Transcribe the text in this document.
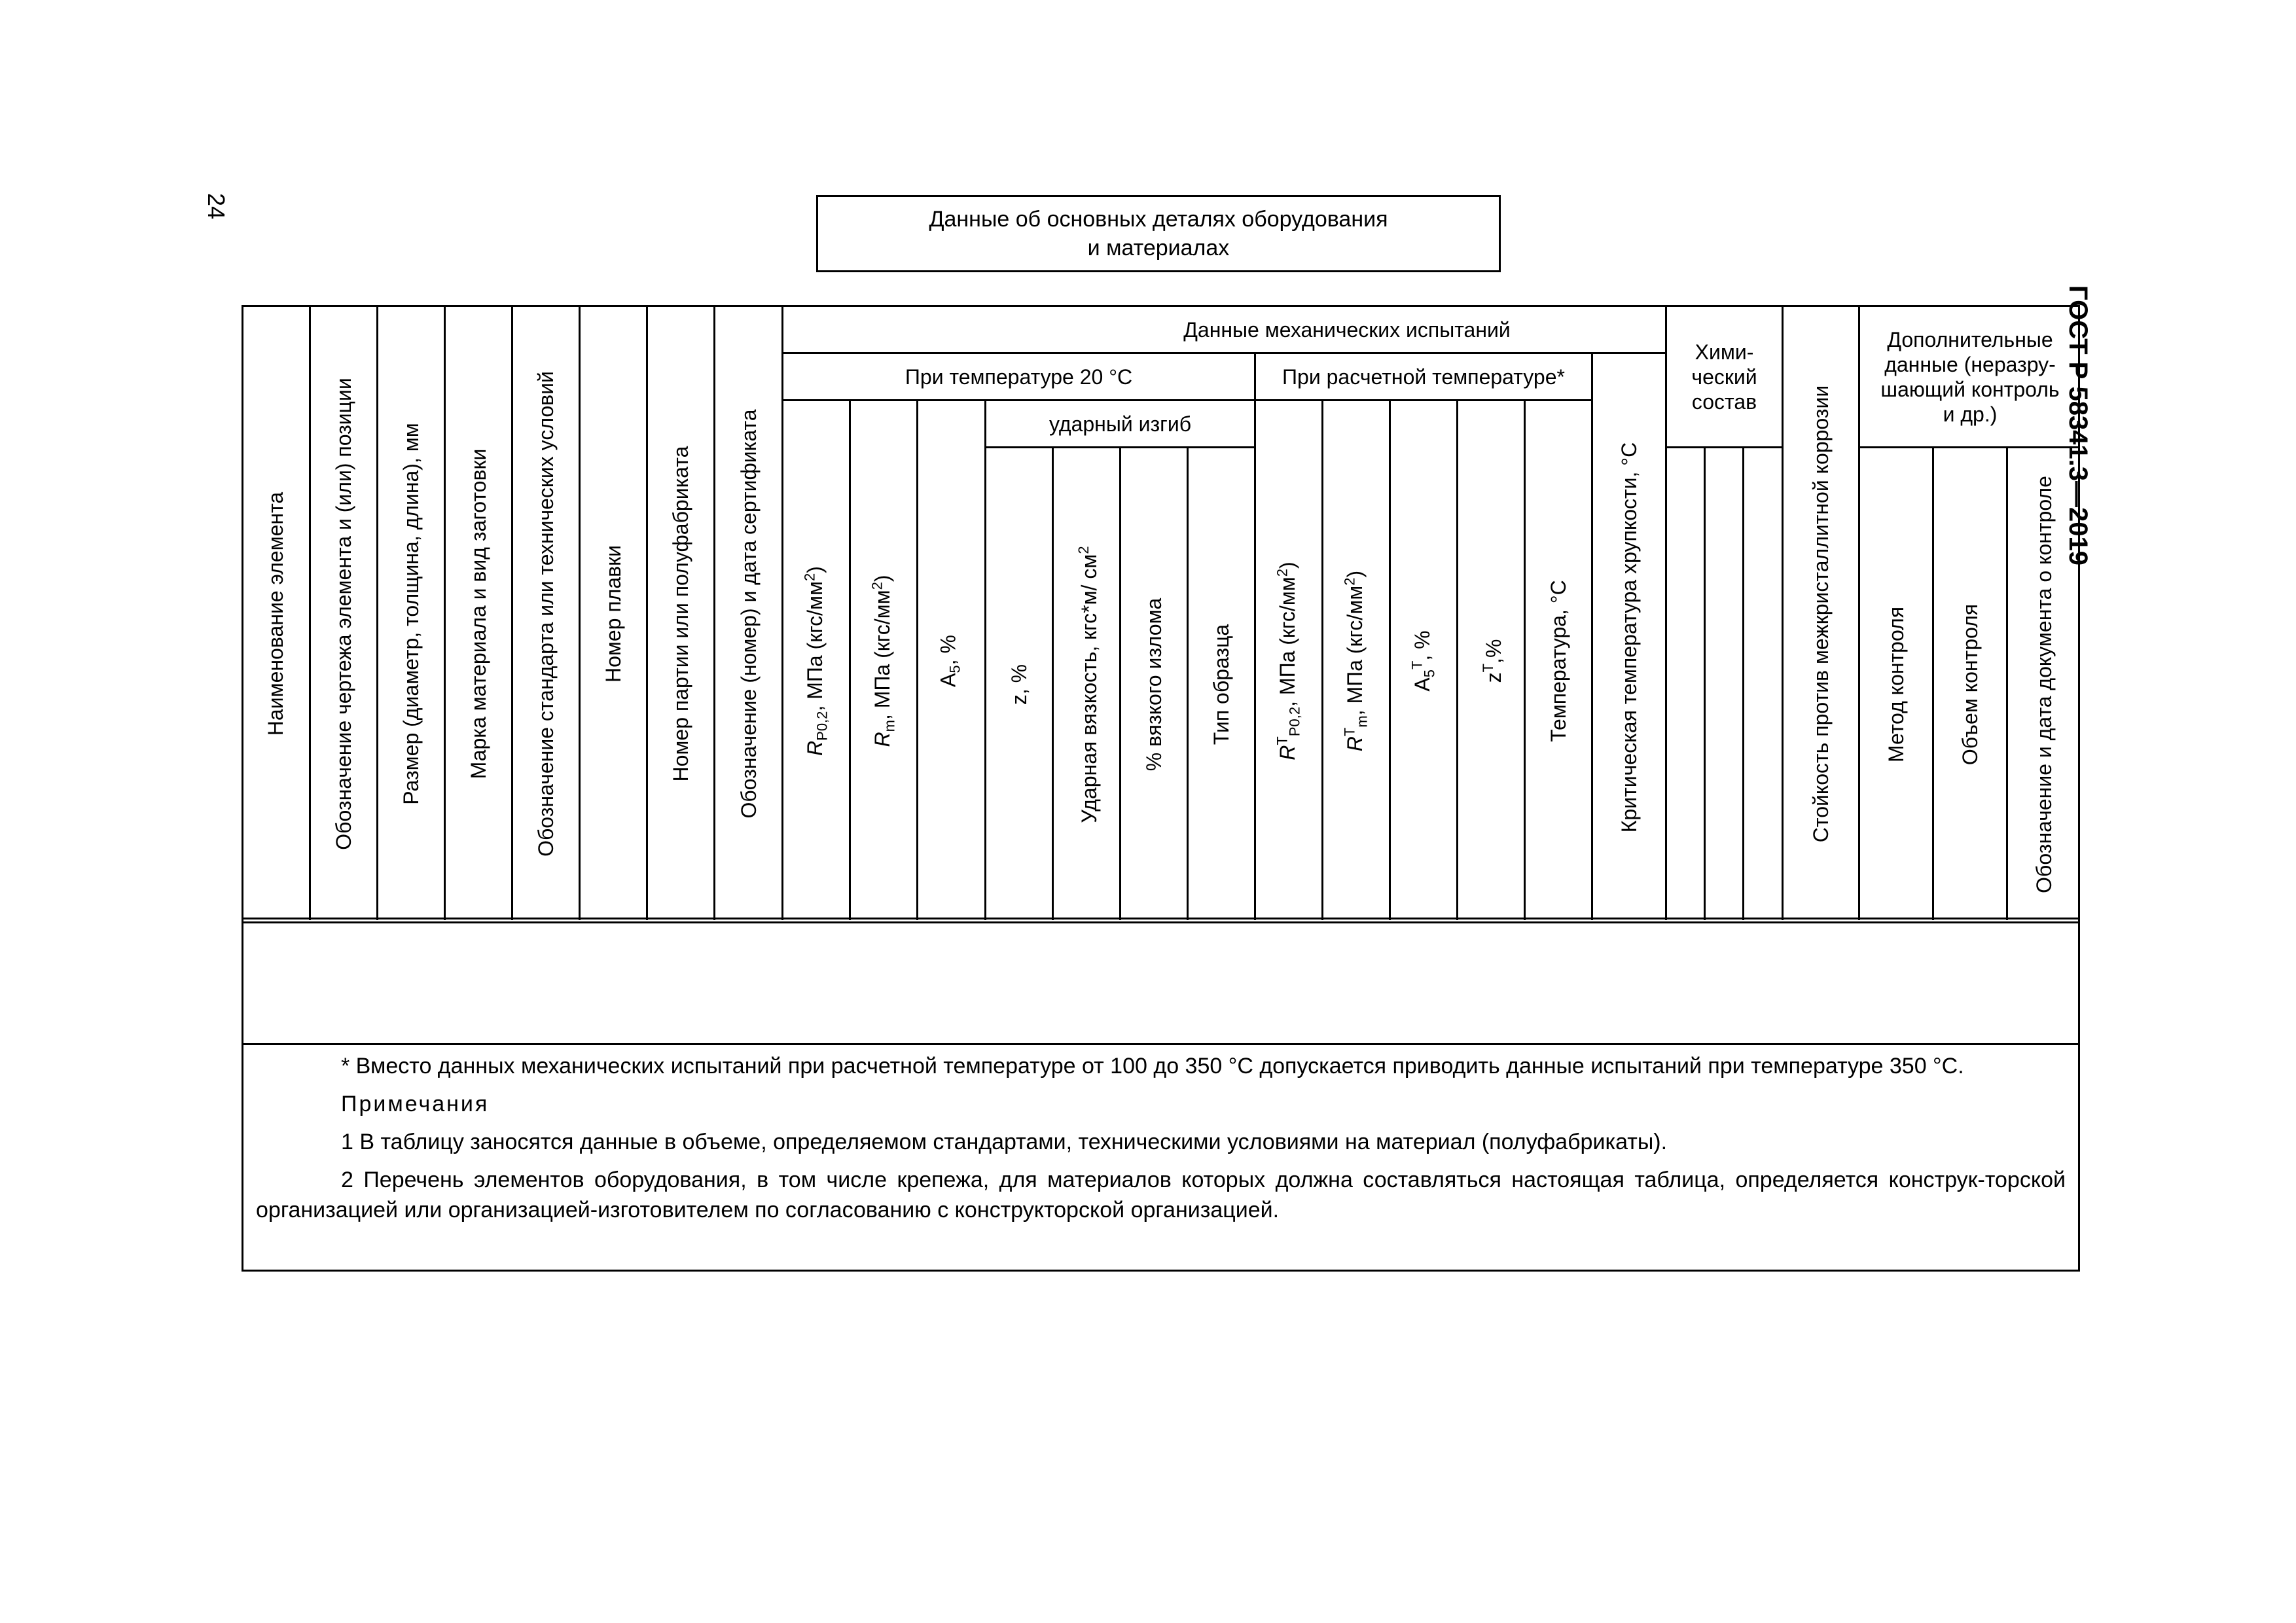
24
ГОСТ Р 58341.3—2019
Данные об основных деталях оборудования
и материалах
Данные механических испытаний
При температуре 20 °С	При расчетной температуре*
ударный изгиб
Хими-ческий состав
Дополнительные данные (неразру-шающий контроль и др.)
Наименование элемента Обозначение чертежа элемента и (или) позиции Размер (диаметр, толщина, длина), мм Марка материала и вид заготовки Обозначение стандарта или технических условий Номер плавки Номер партии или полуфабриката Обозначение (номер) и дата сертификата $R_{P0,2}$, МПа $(кгс/мм^2)$
$R_m$, МПа $(кгс/мм^2)$
$A_5$, %
z, % Ударная вязкость, кгс*м/ $см^2$
% вязкого излома Тип образца
$R^T_{P0,2}$, МПа $(кгс/мм^2)$
$R^T_m$, МПа $(кгс/мм^2)$
$A_5^T$, %
$z^T,\%$ Температура, °С Критическая температура хрупкости, °С	Стойкость против межкристаллитной коррозии Метод контроля Объем контроля Обозначение и дата документа о контроле

* Вместо данных механических испытаний при расчетной температуре от 100 до 350 °С допускается приводить данные испытаний при температуре 350 °С.

Примечания

1 В таблицу заносятся данные в объеме, определяемом стандартами, техническими условиями на материал (полуфабрикаты).

2 Перечень элементов оборудования, в том числе крепежа, для материалов которых должна составляться настоящая таблица, определяется конструк-торской организацией или организацией-изготовителем по согласованию с конструкторской организацией.
